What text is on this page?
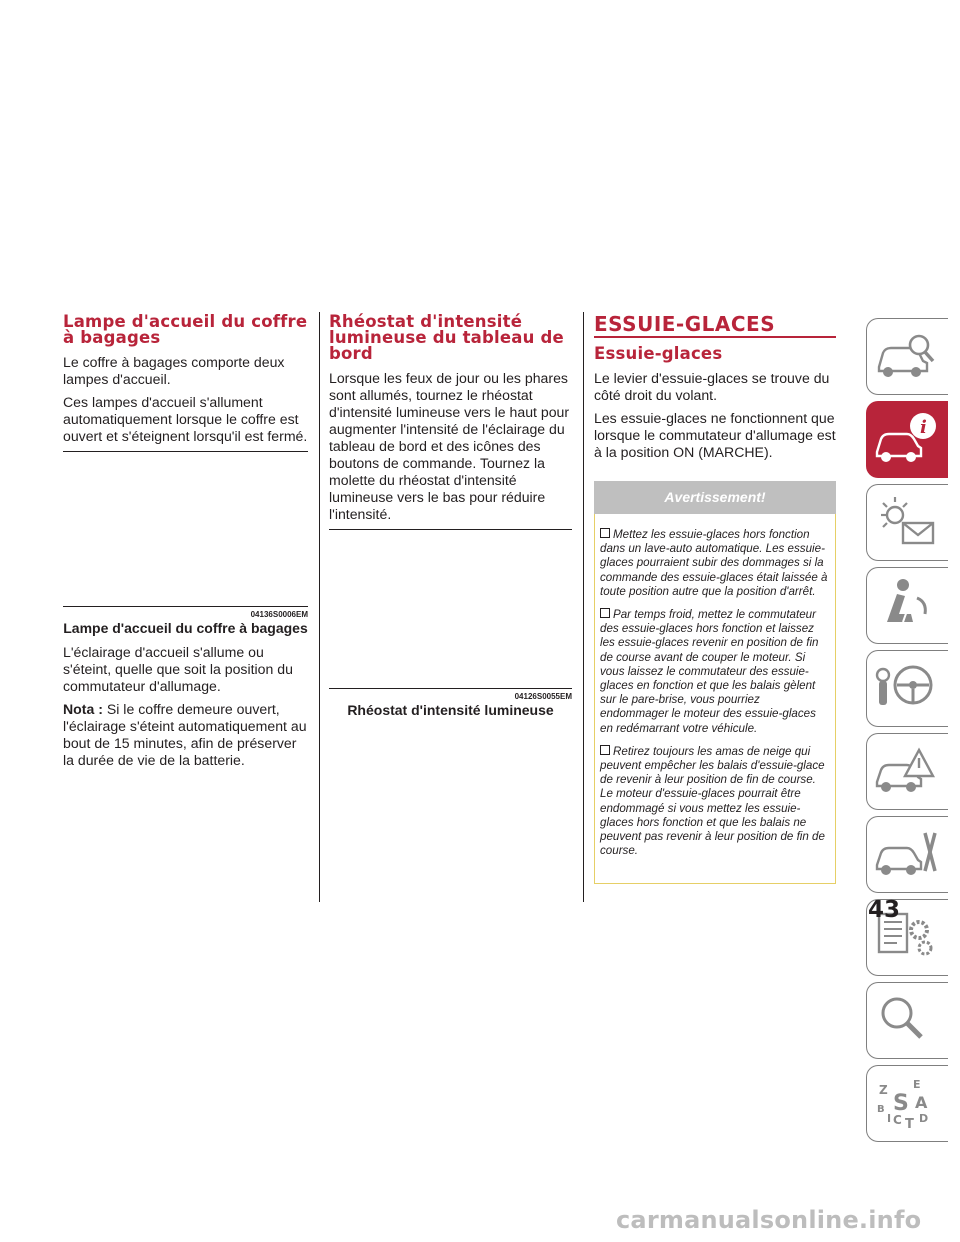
Lampe d'accueil du coffre à bagages

Le coffre à bagages comporte deux lampes d'accueil.

Ces lampes d'accueil s'allument automatiquement lorsque le coffre est ouvert et s'éteignent lorsqu'il est fermé.

04136S0006EM
Lampe d'accueil du coffre à bagages

L'éclairage d'accueil s'allume ou s'éteint, quelle que soit la position du commutateur d'allumage.

Nota : Si le coffre demeure ouvert, l'éclairage s'éteint automatiquement au bout de 15 minutes, afin de préserver la durée de vie de la batterie.

Rhéostat d'intensité lumineuse du tableau de bord

Lorsque les feux de jour ou les phares sont allumés, tournez le rhéostat d'intensité lumineuse vers le haut pour augmenter l'intensité de l'éclairage du tableau de bord et des icônes des boutons de commande. Tournez la molette du rhéostat d'intensité lumineuse vers le bas pour réduire l'intensité.

04126S0055EM
Rhéostat d'intensité lumineuse
ESSUIE-GLACES
Essuie-glaces

Le levier d'essuie-glaces se trouve du côté droit du volant.

Les essuie-glaces ne fonctionnent que lorsque le commutateur d'allumage est à la position ON (MARCHE).

Avertissement!

Mettez les essuie-glaces hors fonction dans un lave-auto automatique. Les essuie-glaces pourraient subir des dommages si la commande des essuie-glaces était laissée à toute position autre que la position d'arrêt.

Par temps froid, mettez le commutateur des essuie-glaces hors fonction et laissez les essuie-glaces revenir en position de fin de course avant de couper le moteur. Si vous laissez le commutateur des essuie-glaces en fonction et que les balais gèlent sur le pare-brise, vous pourriez endommager le moteur des essuie-glaces en redémarrant votre véhicule.

Retirez toujours les amas de neige qui peuvent empêcher les balais d'essuie-glace de revenir à leur position de fin de course. Le moteur d'essuie-glaces pourrait être endommagé si vous mettez les essuie-glaces hors fonction et que les balais ne peuvent pas revenir à leur position de fin de course.

i
Z E
S A
B
I C T D
43
carmanualsonline.info
